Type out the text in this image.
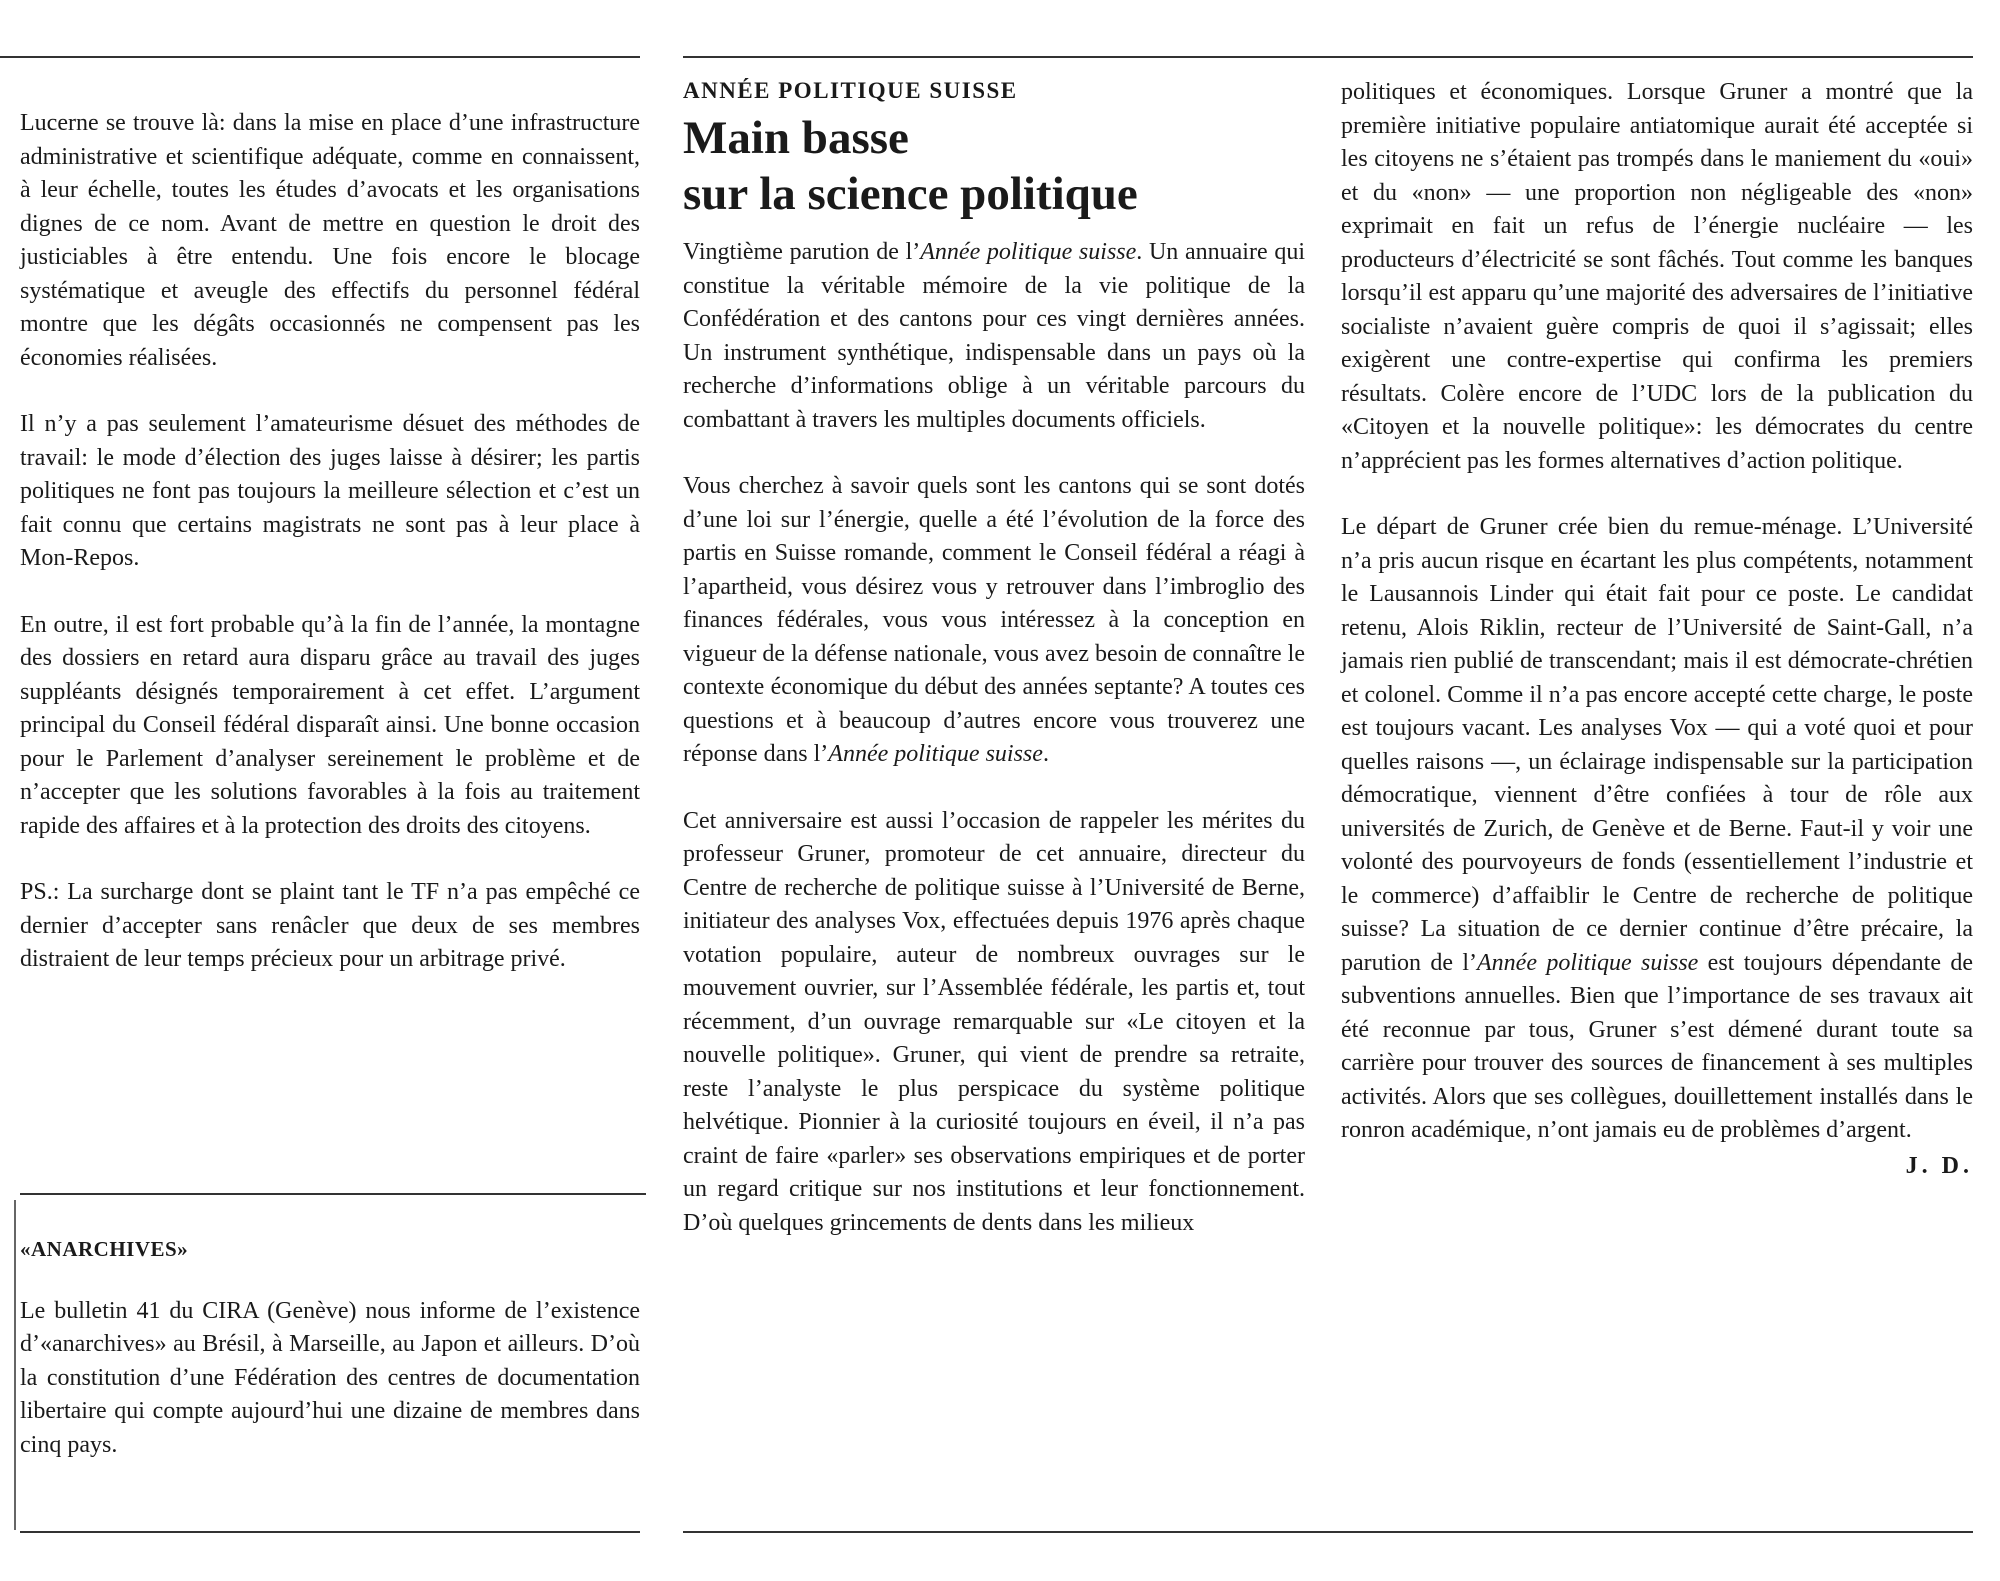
Lucerne se trouve là: dans la mise en place d’une infrastructure administrative et scientifique adéquate, comme en connaissent, à leur échelle, toutes les études d’avocats et les organisations dignes de ce nom. Avant de mettre en question le droit des justiciables à être entendu. Une fois encore le blocage systématique et aveugle des effectifs du personnel fédéral montre que les dégâts occasionnés ne compensent pas les économies réalisées.

Il n’y a pas seulement l’amateurisme désuet des méthodes de travail: le mode d’élection des juges laisse à désirer; les partis politiques ne font pas toujours la meilleure sélection et c’est un fait connu que certains magistrats ne sont pas à leur place à Mon-Repos.

En outre, il est fort probable qu’à la fin de l’année, la montagne des dossiers en retard aura disparu grâce au travail des juges suppléants désignés temporairement à cet effet. L’argument principal du Conseil fédéral disparaît ainsi. Une bonne occasion pour le Parlement d’analyser sereinement le problème et de n’accepter que les solutions favorables à la fois au traitement rapide des affaires et à la protection des droits des citoyens.

PS.: La surcharge dont se plaint tant le TF n’a pas empêché ce dernier d’accepter sans renâcler que deux de ses membres distraient de leur temps précieux pour un arbitrage privé.

«ANARCHIVES»

Le bulletin 41 du CIRA (Genève) nous informe de l’existence d’«anarchives» au Brésil, à Marseille, au Japon et ailleurs. D’où la constitution d’une Fédération des centres de documentation libertaire qui compte aujourd’hui une dizaine de membres dans cinq pays.

ANNÉE POLITIQUE SUISSE
Main basse
sur la science politique

Vingtième parution de l’Année politique suisse. Un annuaire qui constitue la véritable mémoire de la vie politique de la Confédération et des cantons pour ces vingt dernières années. Un instrument synthétique, indispensable dans un pays où la recherche d’informations oblige à un véritable parcours du combattant à travers les multiples documents officiels.

Vous cherchez à savoir quels sont les cantons qui se sont dotés d’une loi sur l’énergie, quelle a été l’évolution de la force des partis en Suisse romande, comment le Conseil fédéral a réagi à l’apartheid, vous désirez vous y retrouver dans l’imbroglio des finances fédérales, vous vous intéressez à la conception en vigueur de la défense nationale, vous avez besoin de connaître le contexte économique du début des années septante? A toutes ces questions et à beaucoup d’autres encore vous trouverez une réponse dans l’Année politique suisse.

Cet anniversaire est aussi l’occasion de rappeler les mérites du professeur Gruner, promoteur de cet annuaire, directeur du Centre de recherche de politique suisse à l’Université de Berne, initiateur des analyses Vox, effectuées depuis 1976 après chaque votation populaire, auteur de nombreux ouvrages sur le mouvement ouvrier, sur l’Assemblée fédérale, les partis et, tout récemment, d’un ouvrage remarquable sur «Le citoyen et la nouvelle politique». Gruner, qui vient de prendre sa retraite, reste l’analyste le plus perspicace du système politique helvétique. Pionnier à la curiosité toujours en éveil, il n’a pas craint de faire «parler» ses observations empiriques et de porter un regard critique sur nos institutions et leur fonctionnement. D’où quelques grincements de dents dans les milieux

politiques et économiques. Lorsque Gruner a montré que la première initiative populaire antiatomique aurait été acceptée si les citoyens ne s’étaient pas trompés dans le maniement du «oui» et du «non» — une proportion non négligeable des «non» exprimait en fait un refus de l’énergie nucléaire — les producteurs d’électricité se sont fâchés. Tout comme les banques lorsqu’il est apparu qu’une majorité des adversaires de l’initiative socialiste n’avaient guère compris de quoi il s’agissait; elles exigèrent une contre-expertise qui confirma les premiers résultats. Colère encore de l’UDC lors de la publication du «Citoyen et la nouvelle politique»: les démocrates du centre n’apprécient pas les formes alternatives d’action politique.

Le départ de Gruner crée bien du remue-ménage. L’Université n’a pris aucun risque en écartant les plus compétents, notamment le Lausannois Linder qui était fait pour ce poste. Le candidat retenu, Alois Riklin, recteur de l’Université de Saint-Gall, n’a jamais rien publié de transcendant; mais il est démocrate-chrétien et colonel. Comme il n’a pas encore accepté cette charge, le poste est toujours vacant. Les analyses Vox — qui a voté quoi et pour quelles raisons —, un éclairage indispensable sur la participation démocratique, viennent d’être confiées à tour de rôle aux universités de Zurich, de Genève et de Berne. Faut-il y voir une volonté des pourvoyeurs de fonds (essentiellement l’industrie et le commerce) d’affaiblir le Centre de recherche de politique suisse? La situation de ce dernier continue d’être précaire, la parution de l’Année politique suisse est toujours dépendante de subventions annuelles. Bien que l’importance de ses travaux ait été reconnue par tous, Gruner s’est démené durant toute sa carrière pour trouver des sources de financement à ses multiples activités. Alors que ses collègues, douillettement installés dans le ronron académique, n’ont jamais eu de problèmes d’argent.

J. D.
